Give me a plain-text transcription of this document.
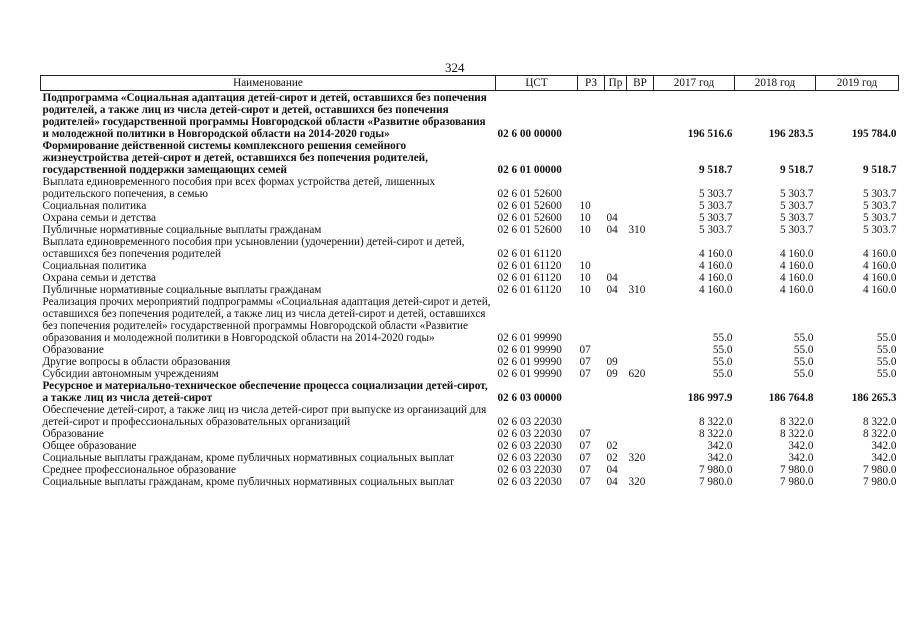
324
Наименование	ЦСТ	РЗ	Пр	ВР	2017 год	2018 год	2019 год
Подпрограмма «Социальная адаптация детей-сирот и детей, оставшихся без попечения родителей, а также лиц из числа детей-сирот и детей, оставшихся без попечения родителей» государственной программы Новгородской области «Развитие образования и молодежной политики в Новгородской области на 2014-2020 годы»	02 6 00 00000				196 516.6	196 283.5	195 784.0
Формирование действенной системы комплексного решения семейного жизнеустройства детей-сирот и детей, оставшихся без попечения родителей, государственной поддержки замещающих семей	02 6 01 00000				9 518.7	9 518.7	9 518.7
Выплата единовременного пособия при всех формах устройства детей, лишенных родительского попечения, в семью	02 6 01 52600				5 303.7	5 303.7	5 303.7
Социальная политика	02 6 01 52600	10			5 303.7	5 303.7	5 303.7
Охрана семьи и детства	02 6 01 52600	10	04		5 303.7	5 303.7	5 303.7
Публичные нормативные социальные выплаты гражданам	02 6 01 52600	10	04	310	5 303.7	5 303.7	5 303.7
Выплата единовременного пособия при усыновлении (удочерении) детей-сирот и детей, оставшихся без попечения родителей	02 6 01 61120				4 160.0	4 160.0	4 160.0
Социальная политика	02 6 01 61120	10			4 160.0	4 160.0	4 160.0
Охрана семьи и детства	02 6 01 61120	10	04		4 160.0	4 160.0	4 160.0
Публичные нормативные социальные выплаты гражданам	02 6 01 61120	10	04	310	4 160.0	4 160.0	4 160.0
Реализация прочих мероприятий подпрограммы «Социальная адаптация детей-сирот и детей, оставшихся без попечения родителей, а также лиц из числа детей-сирот и детей, оставшихся без попечения родителей» государственной программы Новгородской области «Развитие образования и молодежной политики в Новгородской области на 2014-2020 годы»	02 6 01 99990				55.0	55.0	55.0
Образование	02 6 01 99990	07			55.0	55.0	55.0
Другие вопросы в области образования	02 6 01 99990	07	09		55.0	55.0	55.0
Субсидии автономным учреждениям	02 6 01 99990	07	09	620	55.0	55.0	55.0
Ресурсное и материально-техническое обеспечение процесса социализации детей-сирот, а также лиц из числа детей-сирот	02 6 03 00000				186 997.9	186 764.8	186 265.3
Обеспечение детей-сирот, а также лиц из числа детей-сирот при выпуске из организаций для детей-сирот и профессиональных образовательных организаций	02 6 03 22030				8 322.0	8 322.0	8 322.0
Образование	02 6 03 22030	07			8 322.0	8 322.0	8 322.0
Общее образование	02 6 03 22030	07	02		342.0	342.0	342.0
Социальные выплаты гражданам, кроме публичных нормативных социальных выплат	02 6 03 22030	07	02	320	342.0	342.0	342.0
Среднее профессиональное образование	02 6 03 22030	07	04		7 980.0	7 980.0	7 980.0
Социальные выплаты гражданам, кроме публичных нормативных социальных выплат	02 6 03 22030	07	04	320	7 980.0	7 980.0	7 980.0
